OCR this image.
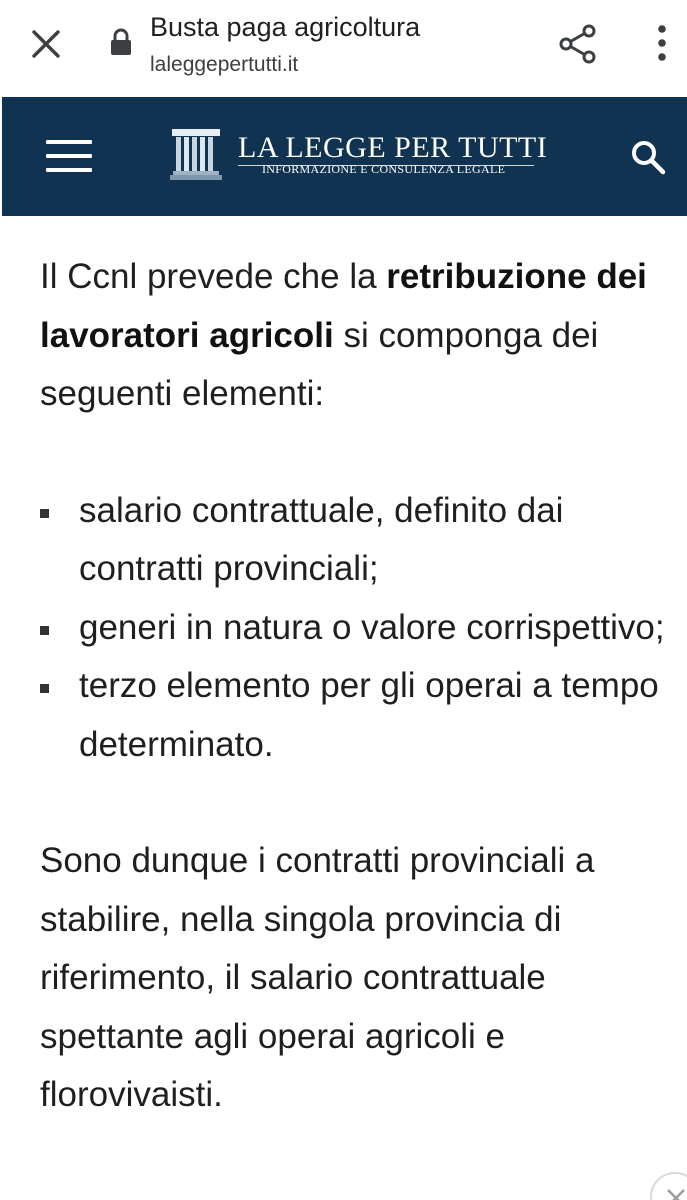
Busta paga agricoltura
laleggepertutti.it
LA LEGGE PER TUTTI
INFORMAZIONE E CONSULENZA LEGALE

Il Ccnl prevede che la retribuzione dei lavoratori agricoli si componga dei seguenti elementi:

salario contrattuale, definito dai contratti provinciali;
generi in natura o valore corrispettivo;
terzo elemento per gli operai a tempo determinato.

Sono dunque i contratti provinciali a stabilire, nella singola provincia di riferimento, il salario contrattuale spettante agli operai agricoli e florovivaisti.
